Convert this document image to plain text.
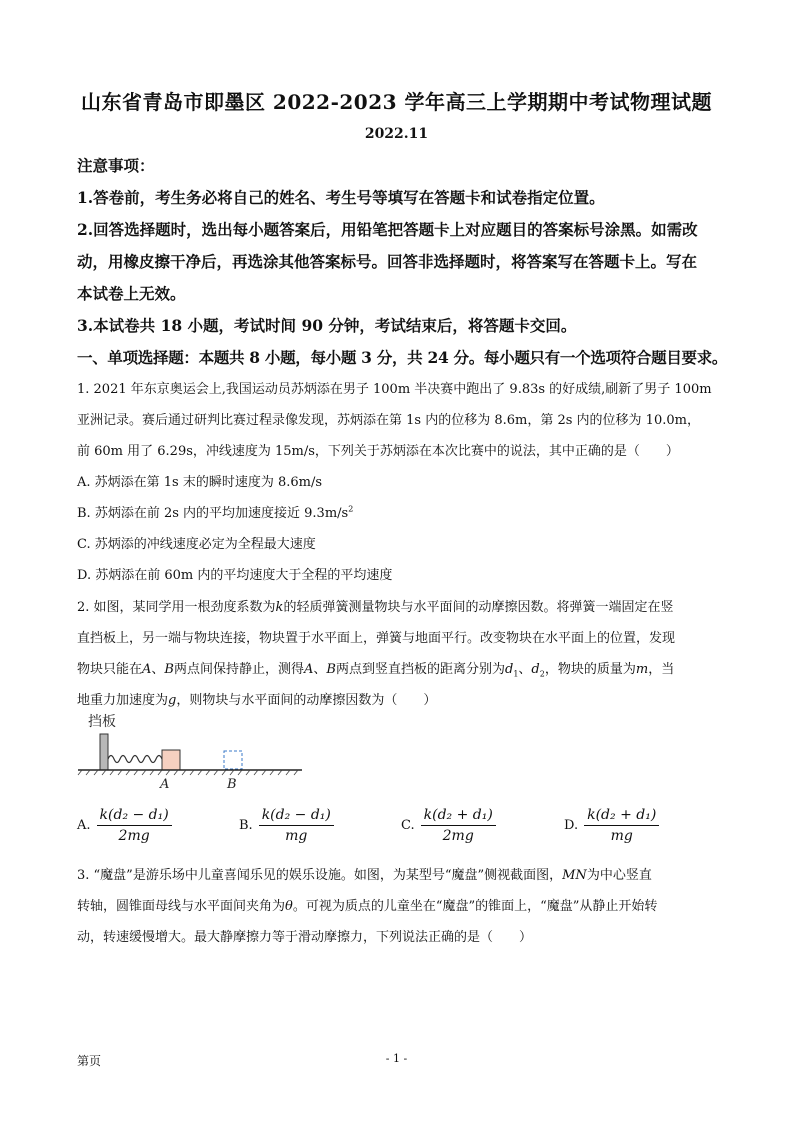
山东省青岛市即墨区 2022-2023 学年高三上学期期中考试物理试题
2022.11
注意事项：
1.答卷前，考生务必将自己的姓名、考生号等填写在答题卡和试卷指定位置。
2.回答选择题时，选出每小题答案后，用铅笔把答题卡上对应题目的答案标号涂黑。如需改
动，用橡皮擦干净后，再选涂其他答案标号。回答非选择题时，将答案写在答题卡上。写在
本试卷上无效。
3.本试卷共 18 小题，考试时间 90 分钟，考试结束后，将答题卡交回。
一、单项选择题：本题共 8 小题，每小题 3 分，共 24 分。每小题只有一个选项符合题目要求。
1. 2021 年东京奥运会上,我国运动员苏炳添在男子 100m 半决赛中跑出了 9.83s 的好成绩,刷新了男子 100m
亚洲记录。赛后通过研判比赛过程录像发现，苏炳添在第 1s 内的位移为 8.6m，第 2s 内的位移为 10.0m，
前 60m 用了 6.29s，冲线速度为 15m/s，下列关于苏炳添在本次比赛中的说法，其中正确的是（　　）
A. 苏炳添在第 1s 末的瞬时速度为 8.6m/s
B. 苏炳添在前 2s 内的平均加速度接近 $9.3m/s^2$
C. 苏炳添的冲线速度必定为全程最大速度
D. 苏炳添在前 60m 内的平均速度大于全程的平均速度
2. 如图，某同学用一根劲度系数为k的轻质弹簧测量物块与水平面间的动摩擦因数。将弹簧一端固定在竖
直挡板上，另一端与物块连接，物块置于水平面上，弹簧与地面平行。改变物块在水平面上的位置，发现
物块只能在A、B两点间保持静止，测得A、B两点到竖直挡板的距离分别为$d_1$、$d_2$，物块的质量为m，当
地重力加速度为g，则物块与水平面间的动摩擦因数为（　　）
挡板
A	B
A. $\frac{\text{k(d₂ − d₁)}}{2mg}$	B. $\frac{\text{k(d₂ − d₁)}}{mg}$	C. $\frac{\text{k(d₂ + d₁)}}{2mg}$	D. $\frac{\text{k(d₂ + d₁)}}{mg}$
3. “魔盘”是游乐场中儿童喜闻乐见的娱乐设施。如图，为某型号“魔盘”侧视截面图，MN为中心竖直
转轴，圆锥面母线与水平面间夹角为θ。可视为质点的儿童坐在“魔盘”的锥面上，“魔盘”从静止开始转
动，转速缓慢增大。最大静摩擦力等于滑动摩擦力，下列说法正确的是（　　）
第页	- 1 -
